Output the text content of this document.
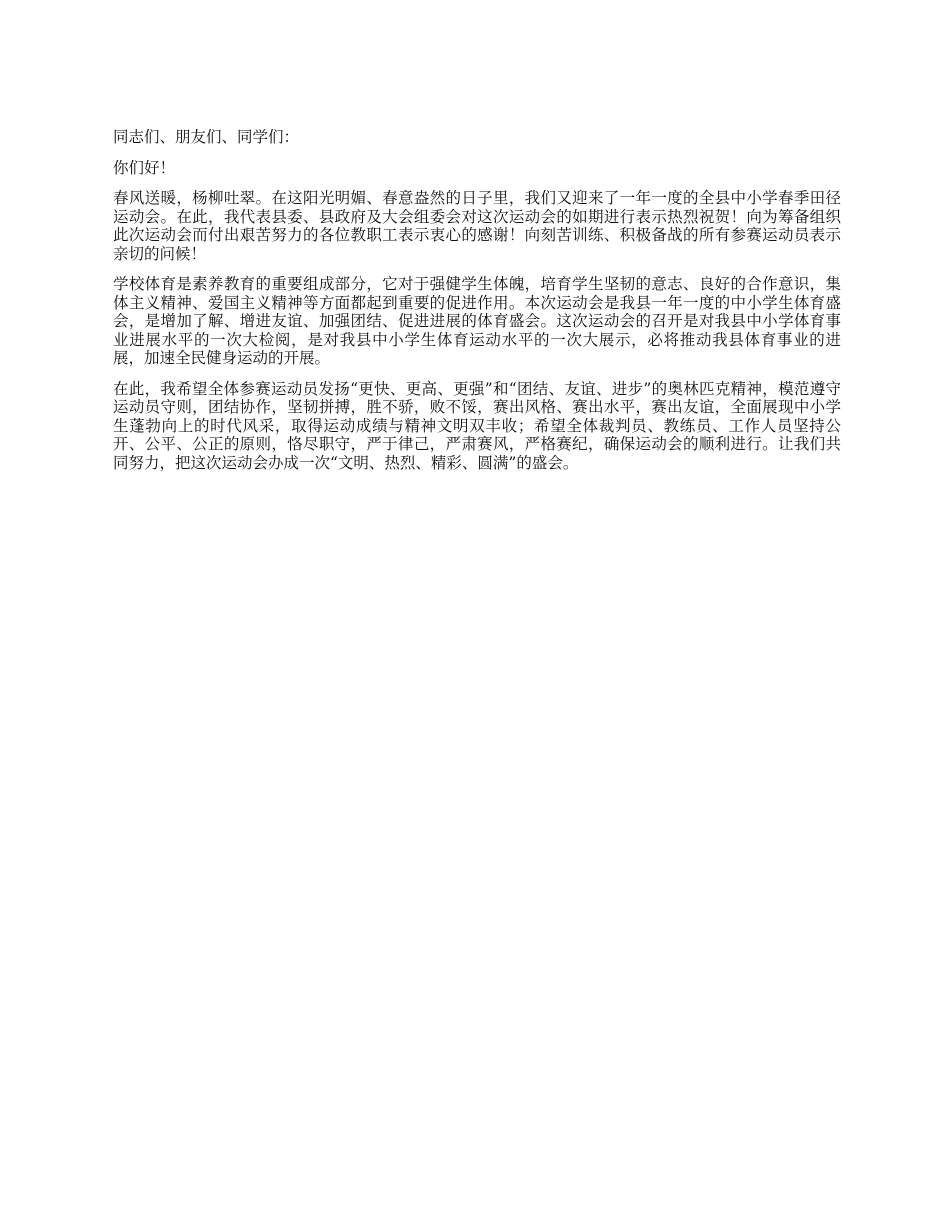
同志们、朋友们、同学们：

你们好！

春风送暖，杨柳吐翠。在这阳光明媚、春意盎然的日子里，我们又迎来了一年一度的全县中小学春季田径运动会。在此，我代表县委、县政府及大会组委会对这次运动会的如期进行表示热烈祝贺！向为筹备组织此次运动会而付出艰苦努力的各位教职工表示衷心的感谢！向刻苦训练、积极备战的所有参赛运动员表示亲切的问候！

学校体育是素养教育的重要组成部分，它对于强健学生体魄，培育学生坚韧的意志、良好的合作意识，集体主义精神、爱国主义精神等方面都起到重要的促进作用。本次运动会是我县一年一度的中小学生体育盛会，是增加了解、增进友谊、加强团结、促进进展的体育盛会。这次运动会的召开是对我县中小学体育事业进展水平的一次大检阅，是对我县中小学生体育运动水平的一次大展示，必将推动我县体育事业的进展，加速全民健身运动的开展。

在此，我希望全体参赛运动员发扬“更快、更高、更强”和“团结、友谊、进步”的奥林匹克精神，模范遵守运动员守则，团结协作，坚韧拼搏，胜不骄，败不馁，赛出风格、赛出水平，赛出友谊，全面展现中小学生蓬勃向上的时代风采，取得运动成绩与精神文明双丰收；希望全体裁判员、教练员、工作人员坚持公开、公平、公正的原则，恪尽职守，严于律己，严肃赛风，严格赛纪，确保运动会的顺利进行。让我们共同努力，把这次运动会办成一次“文明、热烈、精彩、圆满”的盛会。
